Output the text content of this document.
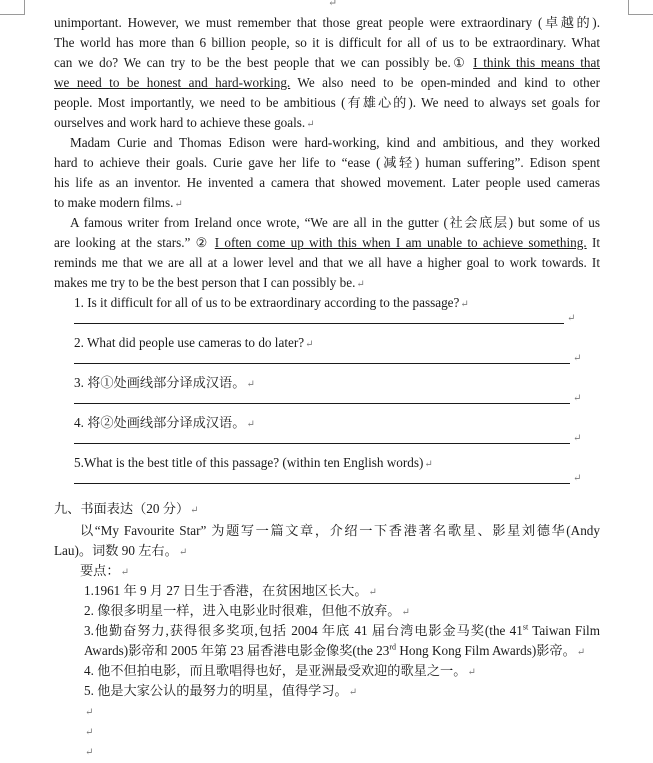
↵
unimportant. However, we must remember that those great people were extraordinary (卓越的).
The world has more than 6 billion people, so it is difficult for all of us to be extraordinary. What
can we do? We can try to be the best people that we can possibly be.① I think this means that
we need to be honest and hard-working. We also need to be open-minded and kind to other
people. Most importantly, we need to be ambitious (有雄心的). We need to always set goals for
ourselves and work hard to achieve these goals.↵
Madam Curie and Thomas Edison were hard-working, kind and ambitious, and they worked
hard to achieve their goals. Curie gave her life to “ease (减轻) human suffering”. Edison spent
his life as an inventor. He invented a camera that showed movement. Later people used cameras
to make modern films.↵
A famous writer from Ireland once wrote, “We are all in the gutter (社会底层) but some of us
are looking at the stars.” ② I often come up with this when I am unable to achieve something. It
reminds me that we are all at a lower level and that we all have a higher goal to work towards. It
makes me try to be the best person that I can possibly be.↵
1. Is it difficult for all of us to be extraordinary according to the passage?↵
↵
2. What did people use cameras to do later?↵
↵
3. 将①处画线部分译成汉语。↵
↵
4. 将②处画线部分译成汉语。↵
↵
5.What is the best title of this passage? (within ten English words)↵
↵
九、书面表达（20 分）↵
以“My Favourite Star” 为题写一篇文章，介绍一下香港著名歌星、影星刘德华(Andy
Lau)。词数 90 左右。↵
要点：↵
1.1961 年 9 月 27 日生于香港，在贫困地区长大。↵
2. 像很多明星一样，进入电影业时很难，但他不放弃。↵
3.他勤奋努力,获得很多奖项,包括 2004 年底 41 届台湾电影金马奖(the 41st Taiwan Film
Awards)影帝和 2005 年第 23 届香港电影金像奖(the 23rd Hong Kong Film Awards)影帝。↵
4. 他不但拍电影，而且歌唱得也好，是亚洲最受欢迎的歌星之一。↵
5. 他是大家公认的最努力的明星，值得学习。↵
↵
↵
↵
